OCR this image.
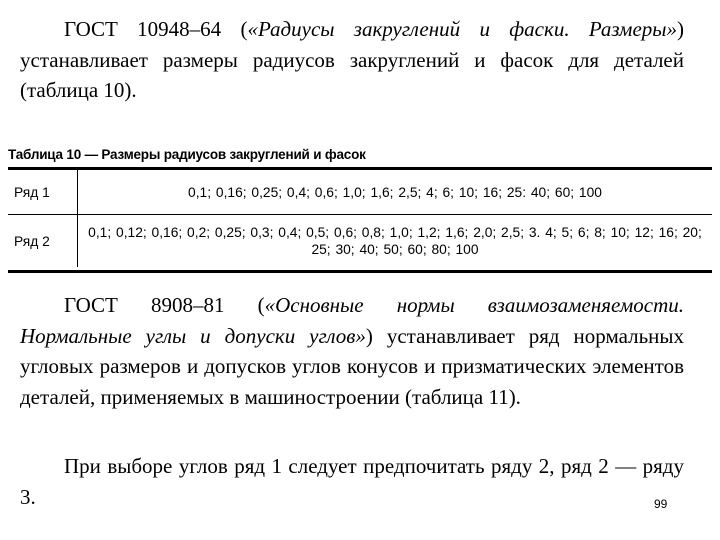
ГОСТ 10948–64 («Радиусы закруглений и фаски. Размеры») устанавливает размеры радиусов закруглений и фасок для деталей (таблица 10).

Таблица 10 — Размеры радиусов закруглений и фасок
Ряд 1	0,1; 0,16; 0,25; 0,4; 0,6; 1,0; 1,6; 2,5; 4; 6; 10; 16; 25: 40; 60; 100
Ряд 2
0,1; 0,12; 0,16; 0,2; 0,25; 0,3; 0,4; 0,5; 0,6; 0,8; 1,0; 1,2; 1,6; 2,0; 2,5; 3. 4; 5; 6; 8; 10; 12; 16; 20; 25; 30; 40; 50; 60; 80; 100

ГОСТ 8908–81 («Основные нормы взаимозаменяемости. Нормальные углы и допуски углов») устанавливает ряд нормальных угловых размеров и допусков углов конусов и призматических элементов деталей, применяемых в машиностроении (таблица 11).

При выборе углов ряд 1 следует предпочитать ряду 2, ряд 2 — ряду 3.	99
